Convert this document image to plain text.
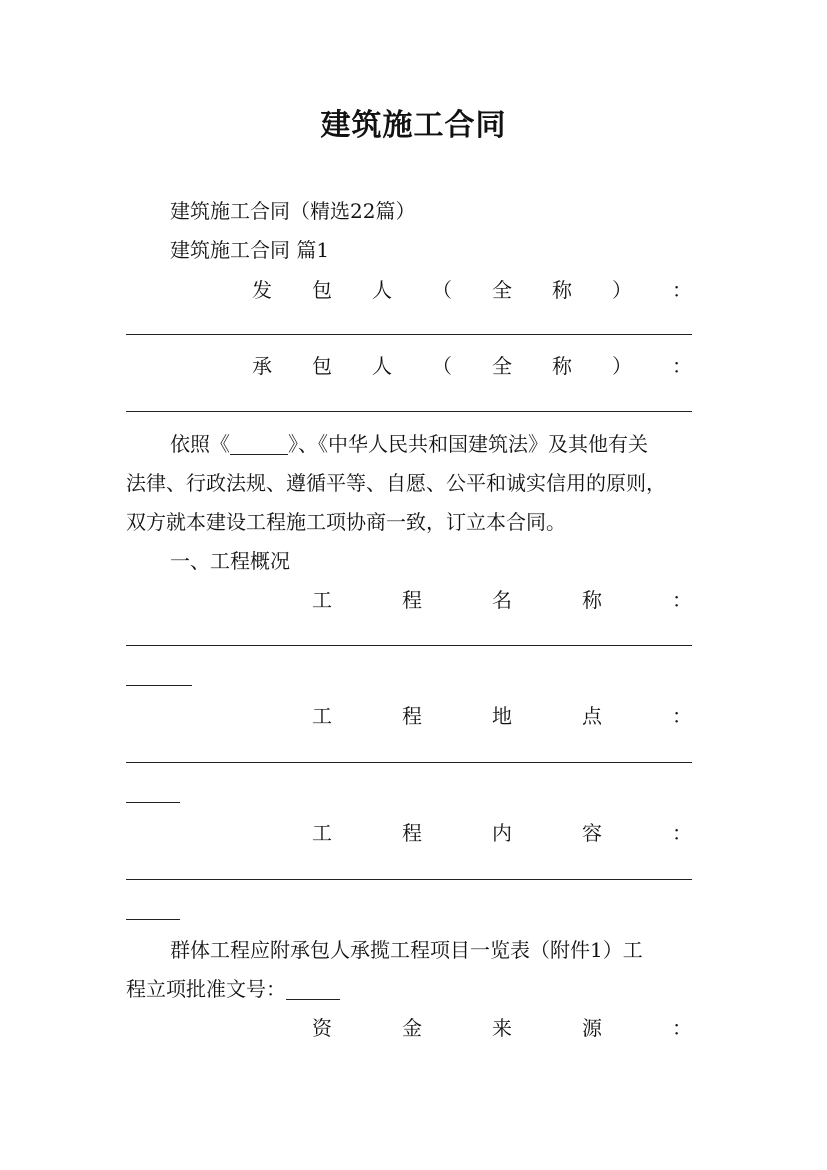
建筑施工合同
建筑施工合同（精选22篇）
建筑施工合同 篇1
发 包 人 （ 全 称 ） ：
承 包 人 （ 全 称 ） ：
依照《	》、《中华人民共和国建筑法》及其他有关
法律、行政法规、遵循平等、自愿、公平和诚实信用的原则，
双方就本建设工程施工项协商一致，订立本合同。
一、工程概况
工	程	名	称	：
工	程	地	点	：
工	程	内	容	：
群体工程应附承包人承揽工程项目一览表（附件1）工
程立项批准文号：
资	金	来	源	：
